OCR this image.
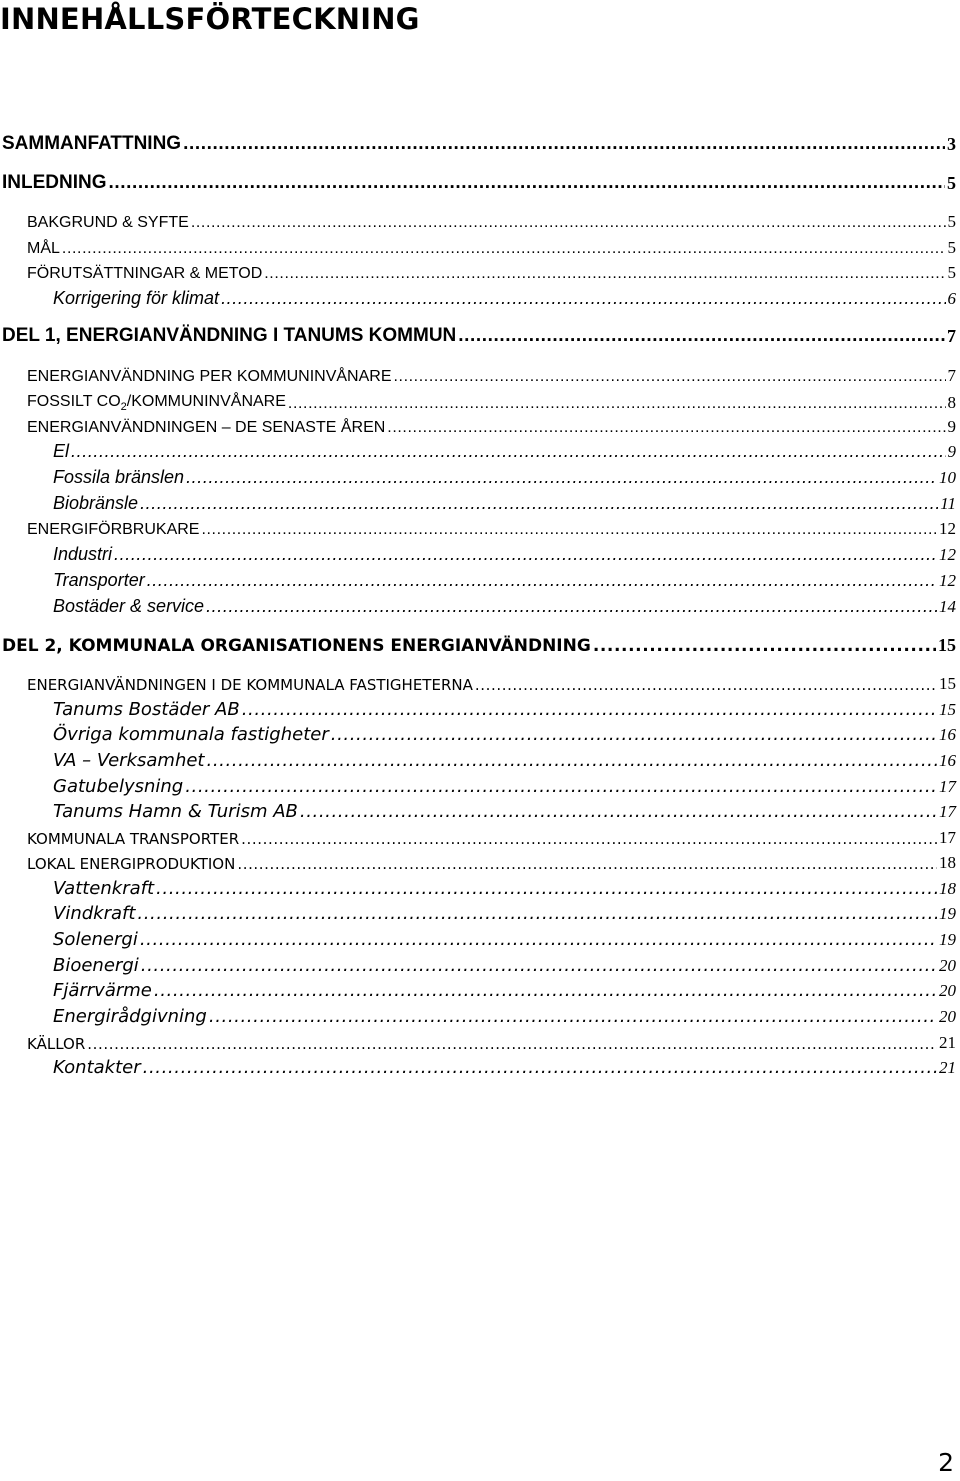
INNEHÅLLSFÖRTECKNING
SAMMANFATTNING .....	3
INLEDNING .....	5
BAKGRUND & SYFTE .....	5
MÅL .....	5
FÖRUTSÄTTNINGAR & METOD .....	5
Korrigering för klimat .....	6
DEL 1, ENERGIANVÄNDNING I TANUMS KOMMUN .....	7
ENERGIANVÄNDNING PER KOMMUNINVÅNARE .....	7
FOSSILT $CO_2$/KOMMUNINVÅNARE .....	8
ENERGIANVÄNDNINGEN – DE SENASTE ÅREN .....	9
El .....	9
Fossila bränslen .....	10
Biobränsle .....	11
ENERGIFÖRBRUKARE .....	12
Industri .....	12
Transporter .....	12
Bostäder & service .....	14
DEL 2, KOMMUNALA ORGANISATIONENS ENERGIANVÄNDNING .....	15
ENERGIANVÄNDNINGEN I DE KOMMUNALA FASTIGHETERNA .....	15
Tanums Bostäder AB .....	15
Övriga kommunala fastigheter .....	16
VA – Verksamhet .....	16
Gatubelysning .....	17
Tanums Hamn & Turism AB .....	17
KOMMUNALA TRANSPORTER .....	17
LOKAL ENERGIPRODUKTION .....	18
Vattenkraft .....	18
Vindkraft .....	19
Solenergi .....	19
Bioenergi .....	20
Fjärrvärme .....	20
Energirådgivning .....	20
KÄLLOR .....	21
Kontakter .....	21
2
